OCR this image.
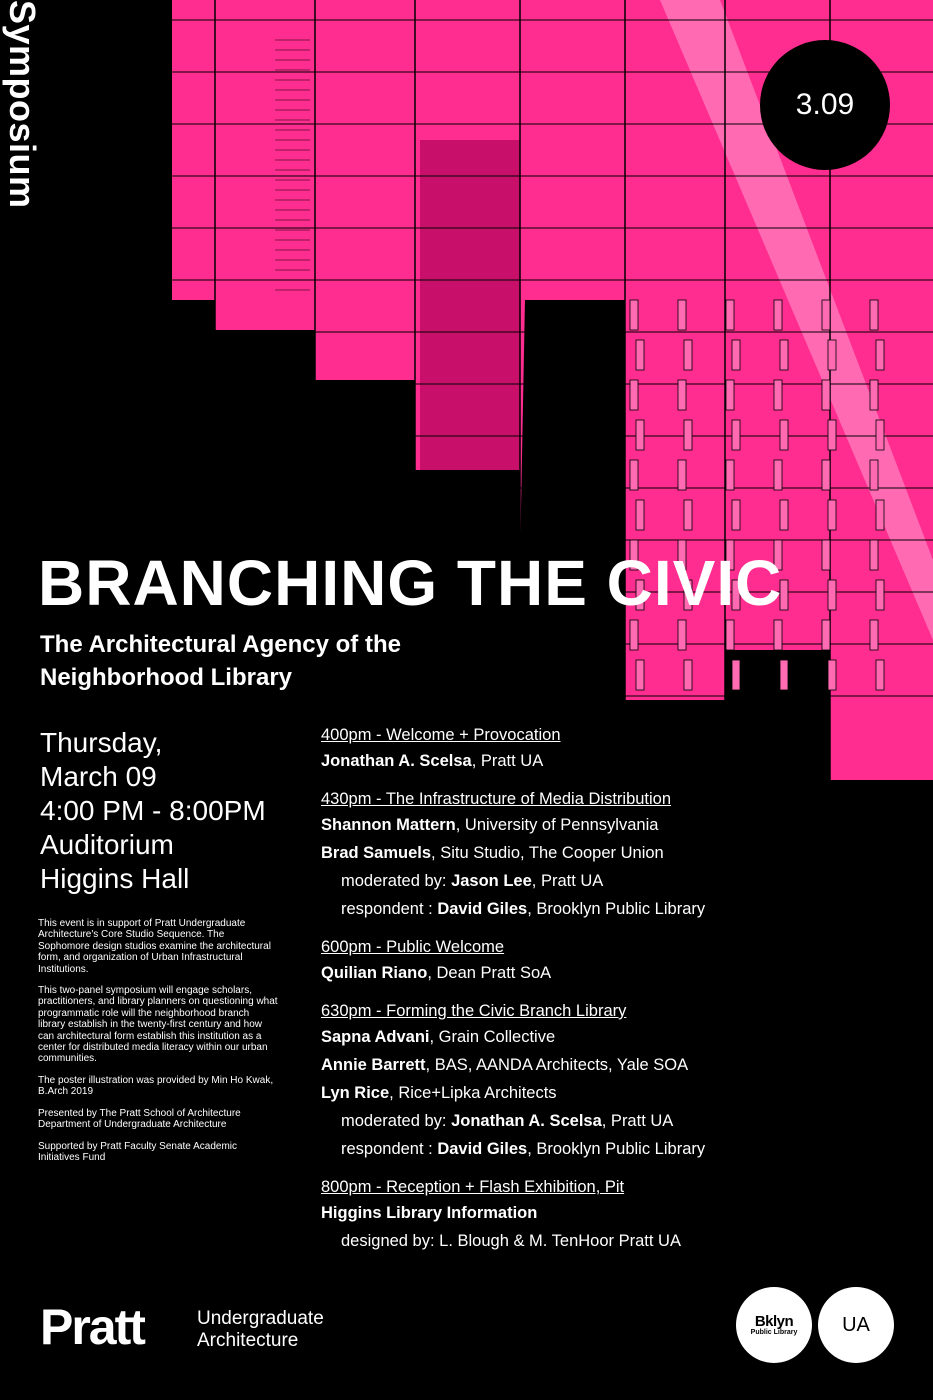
Symposium	3.09
BRANCHING THE CIVIC
The Architectural Agency of the Neighborhood Library
Thursday,
March 09
4:00 PM - 8:00PM
Auditorium
Higgins Hall

This event is in support of Pratt Undergraduate Architecture's Core Studio Sequence. The Sophomore design studios examine the architectural form, and organization of Urban Infrastructural Institutions.

This two-panel symposium will engage scholars, practitioners, and library planners on questioning what programmatic role will the neighborhood branch library establish in the twenty-first century and how can architectural form establish this institution as a center for distributed media literacy within our urban communities.

The poster illustration was provided by Min Ho Kwak, B.Arch 2019

Presented by The Pratt School of Architecture Department of Undergraduate Architecture

Supported by Pratt Faculty Senate Academic Initiatives Fund

400pm - Welcome + Provocation
Jonathan A. Scelsa, Pratt UA
430pm - The Infrastructure of Media Distribution
Shannon Mattern, University of Pennsylvania
Brad Samuels, Situ Studio, The Cooper Union
moderated by: Jason Lee, Pratt UA
respondent : David Giles, Brooklyn Public Library
600pm - Public Welcome
Quilian Riano, Dean Pratt SoA
630pm - Forming the Civic Branch Library
Sapna Advani, Grain Collective
Annie Barrett, BAS, AANDA Architects, Yale SOA
Lyn Rice, Rice+Lipka Architects
moderated by: Jonathan A. Scelsa, Pratt UA
respondent : David Giles, Brooklyn Public Library
800pm - Reception + Flash Exhibition, Pit
Higgins Library Information
designed by: L. Blough & M. TenHoor Pratt UA
Pratt	Undergraduate
Architecture
Bklyn
Public Library	UA
